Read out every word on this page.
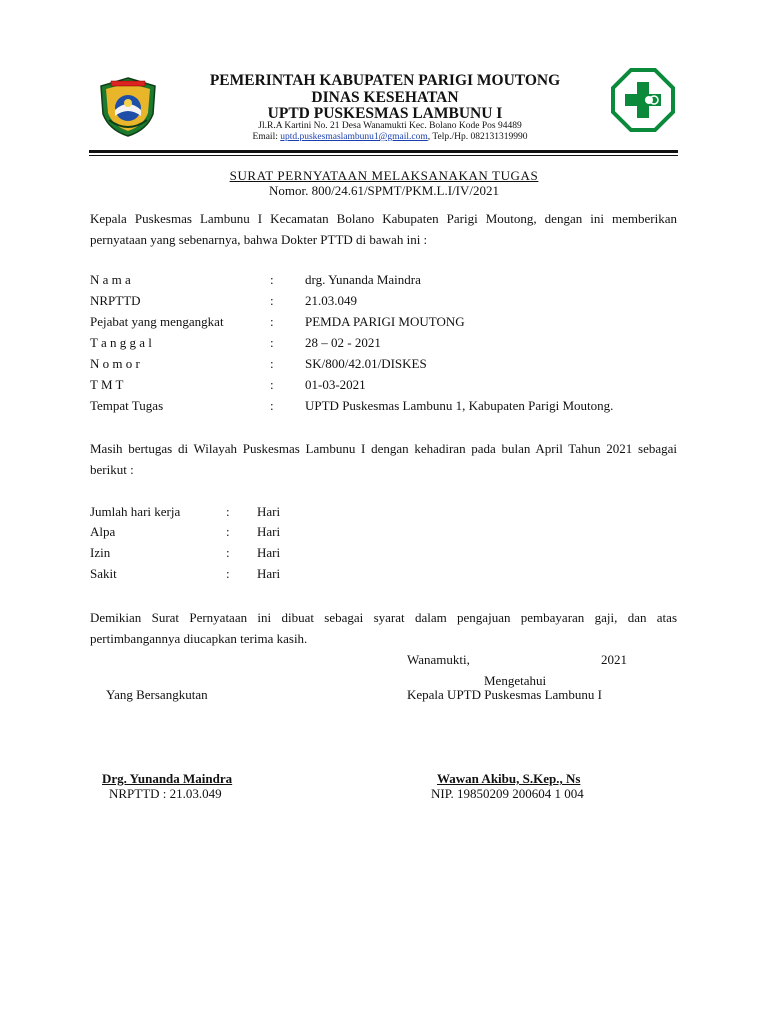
PEMERINTAH KABUPATEN PARIGI MOUTONG
DINAS KESEHATAN
UPTD PUSKESMAS LAMBUNU I
Jl.R.A Kartini No. 21 Desa Wanamukti Kec. Bolano Kode Pos 94489
Email: uptd.puskesmaslambunu1@gmail.com, Telp./Hp. 082131319990
SURAT PERNYATAAN MELAKSANAKAN TUGAS
Nomor. 800/24.61/SPMT/PKM.L.I/IV/2021
Kepala Puskesmas Lambunu I Kecamatan Bolano Kabupaten Parigi Moutong, dengan ini memberikan pernyataan yang sebenarnya, bahwa Dokter PTTD di bawah ini :
N a m a	: drg. Yunanda Maindra
NRPTTD	: 21.03.049
Pejabat yang mengangkat	: PEMDA PARIGI MOUTONG
T a n g g a l	: 28 – 02 - 2021
N o m o r	: SK/800/42.01/DISKES
T M T	: 01-03-2021
Tempat Tugas	: UPTD Puskesmas Lambunu 1, Kabupaten Parigi Moutong.
Masih bertugas di Wilayah Puskesmas Lambunu I dengan kehadiran pada bulan April Tahun 2021 sebagai berikut :
Jumlah hari kerja	: Hari
Alpa	: Hari
Izin	: Hari
Sakit	: Hari
Demikian Surat Pernyataan ini dibuat sebagai syarat dalam pengajuan pembayaran gaji, dan atas pertimbangannya diucapkan terima kasih.
Wanamukti,	2021
Mengetahui
Yang Bersangkutan	Kepala UPTD Puskesmas Lambunu I
Drg. Yunanda Maindra
NRPTTD : 21.03.049
Wawan Akibu, S.Kep., Ns
NIP. 19850209 200604 1 004
